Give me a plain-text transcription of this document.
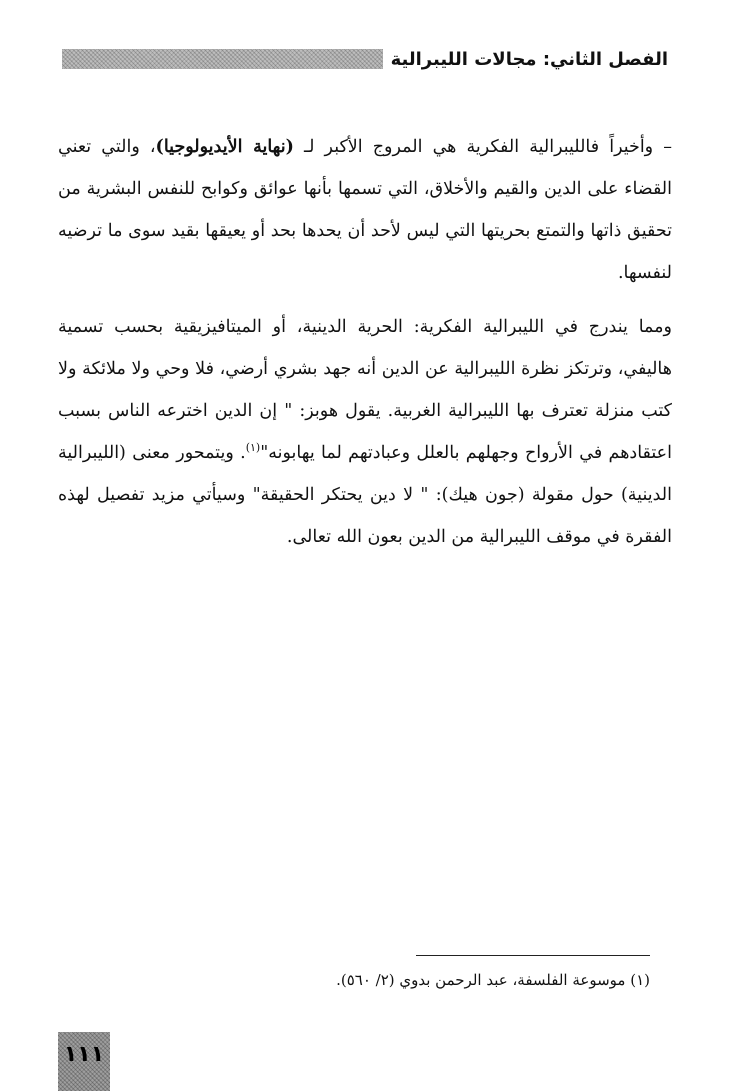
الفصل الثاني: مجالات الليبرالية

– وأخيراً فالليبرالية الفكرية هي المروج الأكبر لـ (نهاية الأيديولوجيا)، والتي تعني القضاء على الدين والقيم والأخلاق، التي تسمها بأنها عوائق وكوابح للنفس البشرية من تحقيق ذاتها والتمتع بحريتها التي ليس لأحد أن يحدها بحد أو يعيقها بقيد سوى ما ترضيه لنفسها.

ومما يندرج في الليبرالية الفكرية: الحرية الدينية، أو الميتافيزيقية بحسب تسمية هاليفي، وترتكز نظرة الليبرالية عن الدين أنه جهد بشري أرضي، فلا وحي ولا ملائكة ولا كتب منزلة تعترف بها الليبرالية الغربية. يقول هوبز: " إن الدين اخترعه الناس بسبب اعتقادهم في الأرواح وجهلهم بالعلل وعبادتهم لما يهابونه"$^{(١)}$. ويتمحور معنى (الليبرالية الدينية) حول مقولة (جون هيك): " لا دين يحتكر الحقيقة" وسيأتي مزيد تفصيل لهذه الفقرة في موقف الليبرالية من الدين بعون الله تعالى.

(١) موسوعة الفلسفة، عبد الرحمن بدوي (٢/ ٥٦٠).
١١١
